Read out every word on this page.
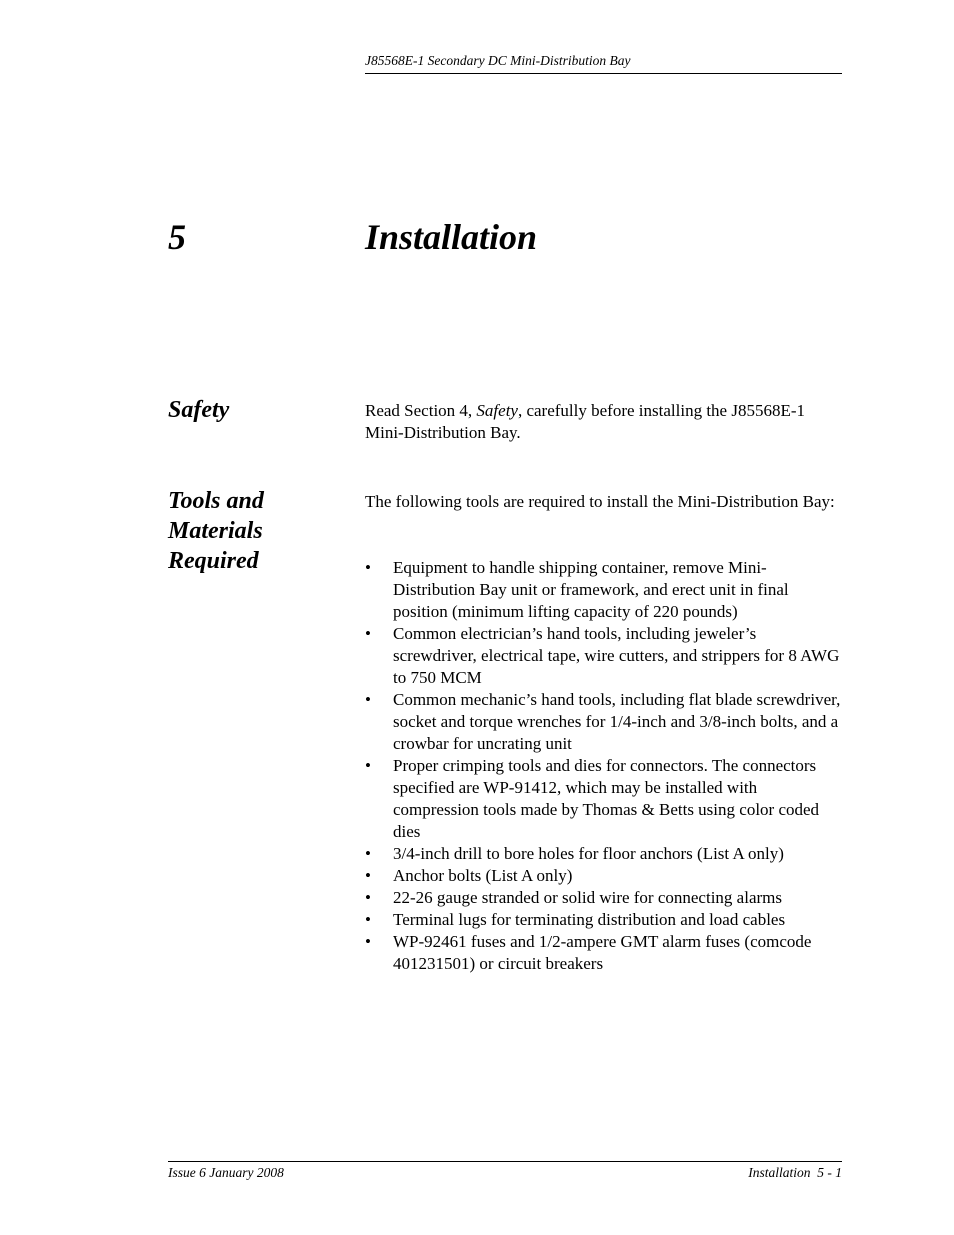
J85568E-1 Secondary DC Mini-Distribution Bay
5	Installation
Safety	Read Section 4, Safety, carefully before installing the J85568E-1 Mini-Distribution Bay.
Tools and
Materials
Required
The following tools are required to install the Mini-Distribution Bay:
• Equipment to handle shipping container, remove Mini-Distribution Bay unit or framework, and erect unit in final position (minimum lifting capacity of 220 pounds)
• Common electrician’s hand tools, including jeweler’s screwdriver, electrical tape, wire cutters, and strippers for 8 AWG to 750 MCM
• Common mechanic’s hand tools, including flat blade screwdriver, socket and torque wrenches for 1/4-inch and 3/8-inch bolts, and a crowbar for uncrating unit
• Proper crimping tools and dies for connectors. The connectors specified are WP-91412, which may be installed with compression tools made by Thomas & Betts using color coded dies
• 3/4-inch drill to bore holes for floor anchors (List A only)
• Anchor bolts (List A only)
• 22-26 gauge stranded or solid wire for connecting alarms
• Terminal lugs for terminating distribution and load cables
• WP-92461 fuses and 1/2-ampere GMT alarm fuses (comcode 401231501) or circuit breakers
Issue 6 January 2008	Installation  5 - 1
